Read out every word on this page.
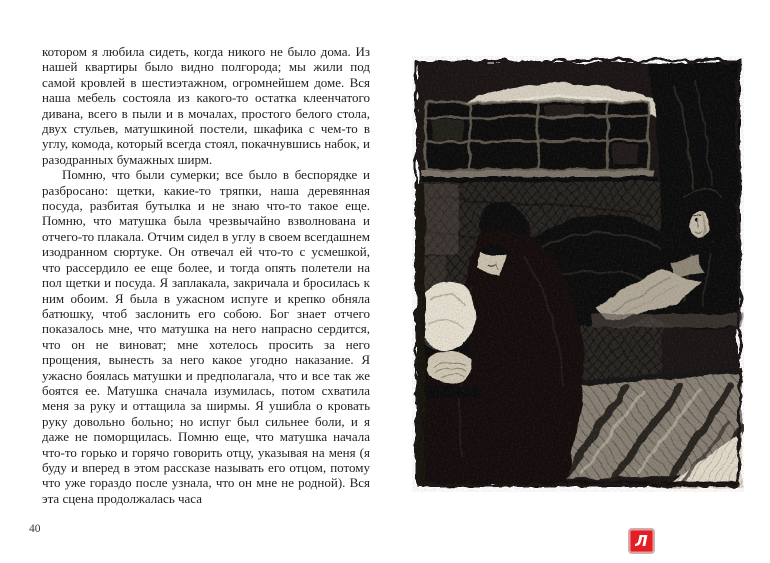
котором я любила сидеть, когда никого не было дома. Из нашей квартиры было видно полгорода; мы жили под самой кровлей в шестиэтажном, огромнейшем доме. Вся наша мебель состояла из какого-то остатка клеенчатого дивана, всего в пыли и в мочалах, простого белого стола, двух стульев, матушкиной постели, шкафика с чем-то в углу, комода, который всегда стоял, покачнувшись набок, и разодранных бумажных ширм.

Помню, что были сумерки; все было в беспорядке и разбросано: щетки, какие-то тряпки, наша деревянная посуда, разбитая бутылка и не знаю что-то такое еще. Помню, что матушка была чрезвычайно взволнована и отчего-то плакала. Отчим сидел в углу в своем всегдашнем изодранном сюртуке. Он отвечал ей что-то с усмешкой, что рассердило ее еще более, и тогда опять полетели на пол щетки и посуда. Я заплакала, закричала и бросилась к ним обоим. Я была в ужасном испуге и крепко обняла батюшку, чтоб заслонить его собою. Бог знает отчего показалось мне, что матушка на него напрасно сердится, что он не виноват; мне хотелось просить за него прощения, вынесть за него какое угодно наказание. Я ужасно боялась матушки и предполагала, что и все так же боятся ее. Матушка сначала изумилась, потом схватила меня за руку и оттащила за ширмы. Я ушибла о кровать руку довольно больно; но испуг был сильнее боли, и я даже не поморщилась. Помню еще, что матушка начала что-то горько и горячо говорить отцу, указывая на меня (я буду и вперед в этом рассказе называть его отцом, потому что уже гораздо после узнала, что он мне не родной). Вся эта сцена продолжалась часа

40
Л
